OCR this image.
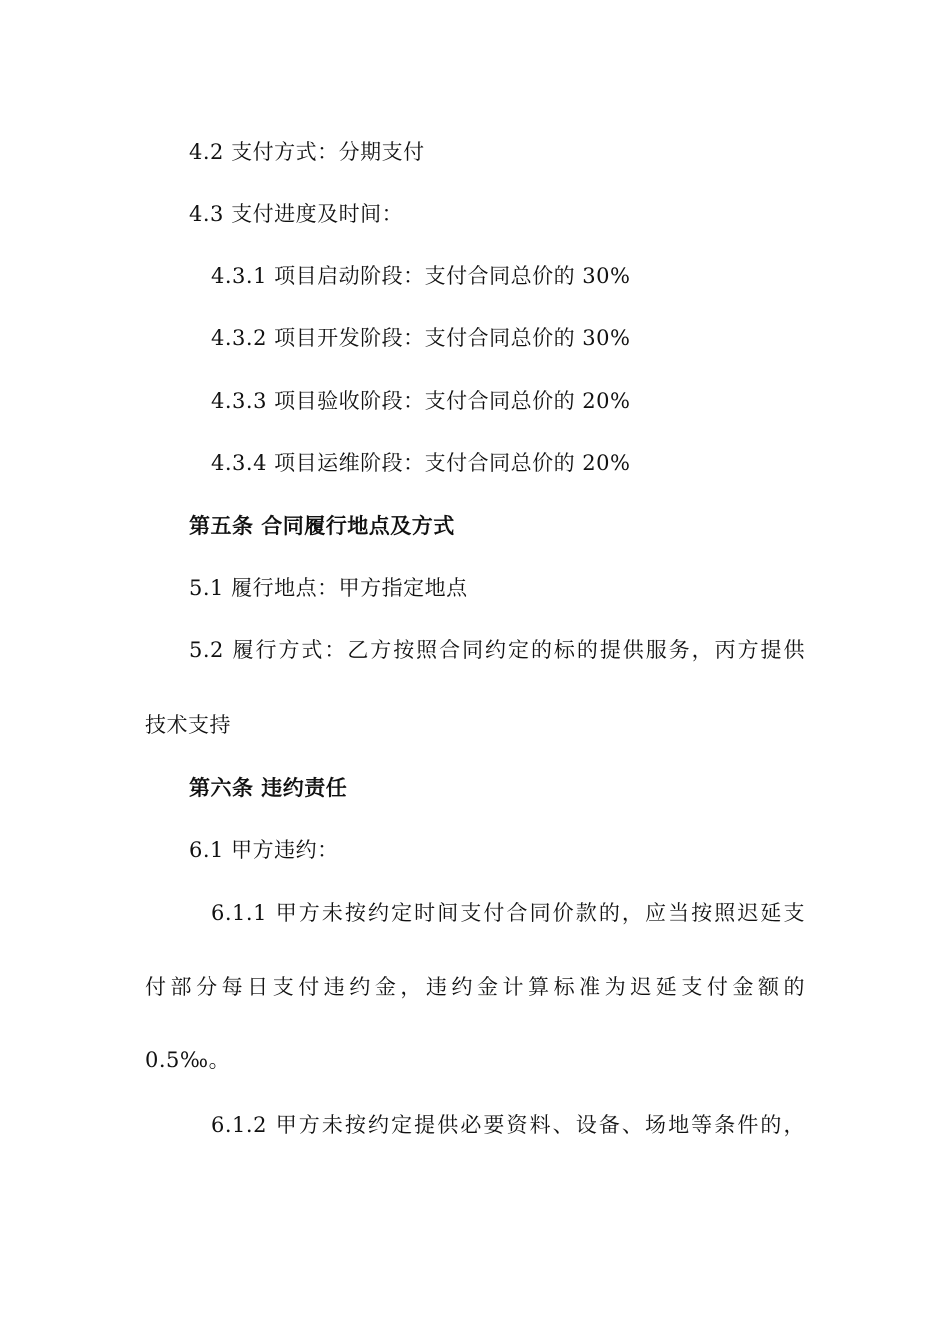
4.2 支付方式：分期支付
4.3 支付进度及时间：
4.3.1 项目启动阶段：支付合同总价的 30%
4.3.2 项目开发阶段：支付合同总价的 30%
4.3.3 项目验收阶段：支付合同总价的 20%
4.3.4 项目运维阶段：支付合同总价的 20%
第五条 合同履行地点及方式
5.1 履行地点：甲方指定地点
5.2 履行方式：乙方按照合同约定的标的提供服务，丙方提供
技术支持
第六条 违约责任
6.1 甲方违约：
6.1.1 甲方未按约定时间支付合同价款的，应当按照迟延支
付部分每日支付违约金，违约金计算标准为迟延支付金额的
0.5‰。
6.1.2 甲方未按约定提供必要资料、设备、场地等条件的，
